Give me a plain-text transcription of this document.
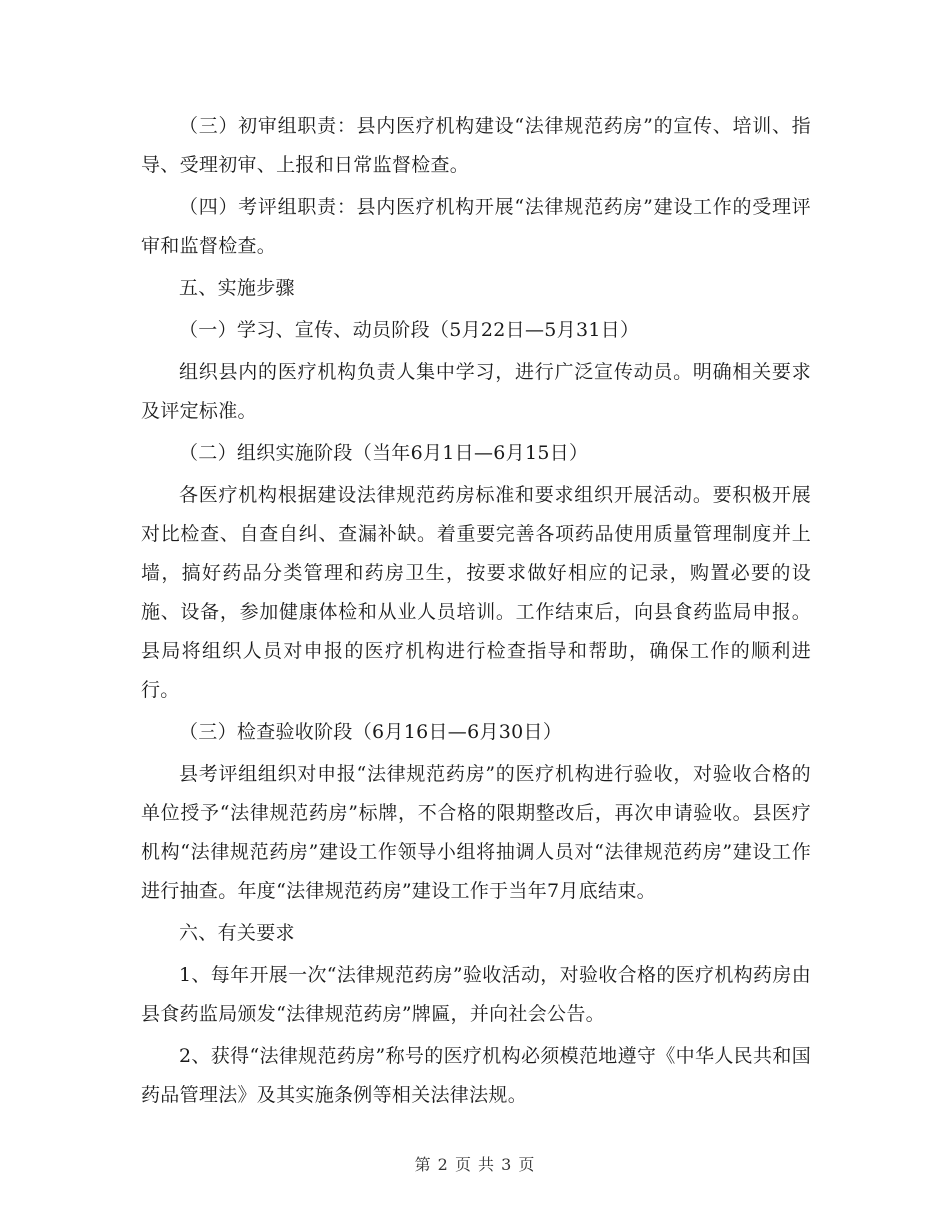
（三）初审组职责：县内医疗机构建设“法律规范药房”的宣传、培训、指导、受理初审、上报和日常监督检查。

（四）考评组职责：县内医疗机构开展“法律规范药房”建设工作的受理评审和监督检查。

五、实施步骤

（一）学习、宣传、动员阶段（5月22日—5月31日）

组织县内的医疗机构负责人集中学习，进行广泛宣传动员。明确相关要求及评定标准。

（二）组织实施阶段（当年6月1日—6月15日）

各医疗机构根据建设法律规范药房标准和要求组织开展活动。要积极开展对比检查、自查自纠、查漏补缺。着重要完善各项药品使用质量管理制度并上墙，搞好药品分类管理和药房卫生，按要求做好相应的记录，购置必要的设施、设备，参加健康体检和从业人员培训。工作结束后，向县食药监局申报。县局将组织人员对申报的医疗机构进行检查指导和帮助，确保工作的顺利进行。

（三）检查验收阶段（6月16日—6月30日）

县考评组组织对申报“法律规范药房”的医疗机构进行验收，对验收合格的单位授予“法律规范药房”标牌，不合格的限期整改后，再次申请验收。县医疗机构“法律规范药房”建设工作领导小组将抽调人员对“法律规范药房”建设工作进行抽查。年度“法律规范药房”建设工作于当年7月底结束。

六、有关要求

1、每年开展一次“法律规范药房”验收活动，对验收合格的医疗机构药房由县食药监局颁发“法律规范药房”牌匾，并向社会公告。

2、获得“法律规范药房”称号的医疗机构必须模范地遵守《中华人民共和国药品管理法》及其实施条例等相关法律法规。

第 2 页 共 3 页
